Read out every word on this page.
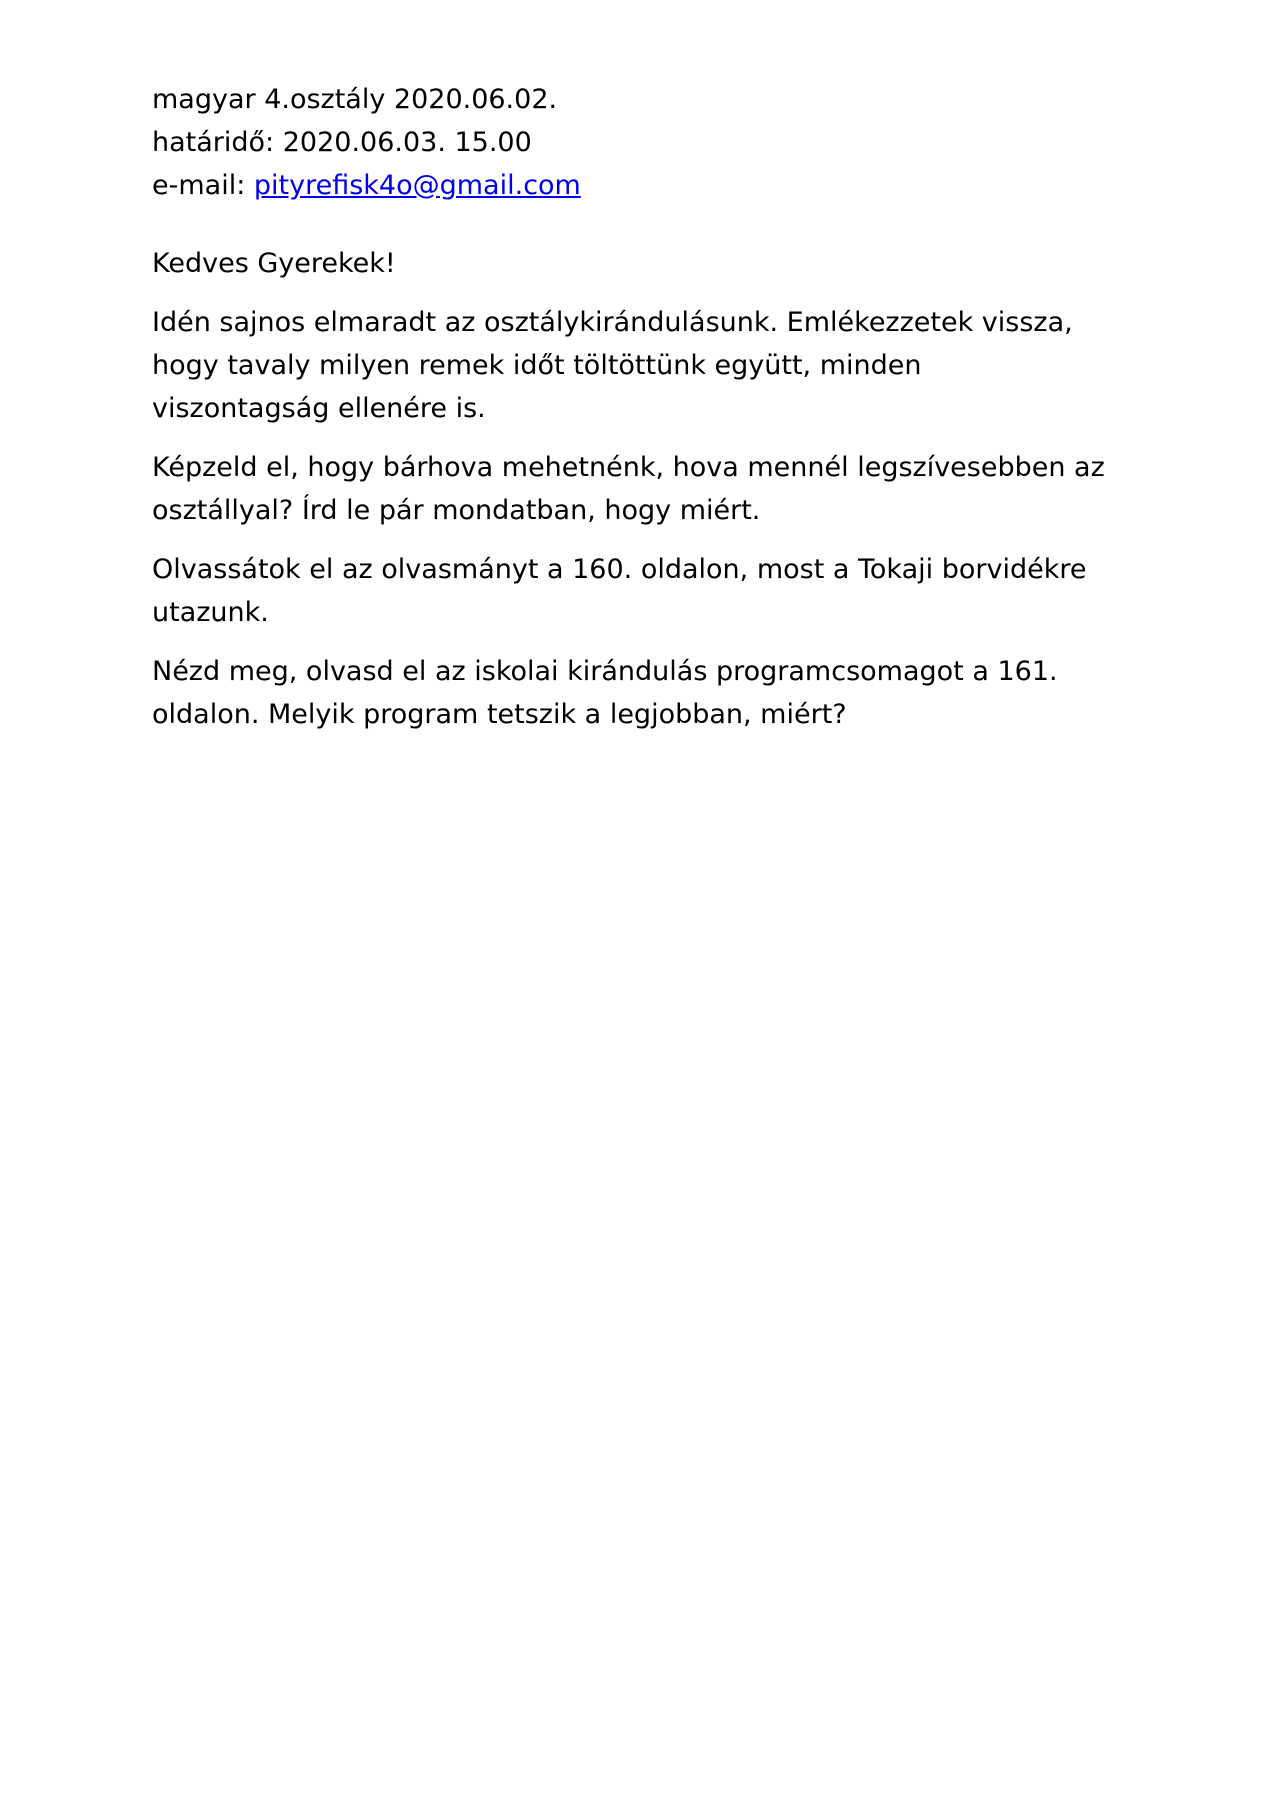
magyar 4.osztály 2020.06.02.
határidő: 2020.06.03. 15.00
e-mail: pityrefisk4o@gmail.com

Kedves Gyerekek!

Idén sajnos elmaradt az osztálykirándulásunk. Emlékezzetek vissza,
hogy tavaly milyen remek időt töltöttünk együtt, minden
viszontagság ellenére is.

Képzeld el, hogy bárhova mehetnénk, hova mennél legszívesebben az
osztállyal? Írd le pár mondatban, hogy miért.

Olvassátok el az olvasmányt a 160. oldalon, most a Tokaji borvidékre
utazunk.

Nézd meg, olvasd el az iskolai kirándulás programcsomagot a 161.
oldalon. Melyik program tetszik a legjobban, miért?
